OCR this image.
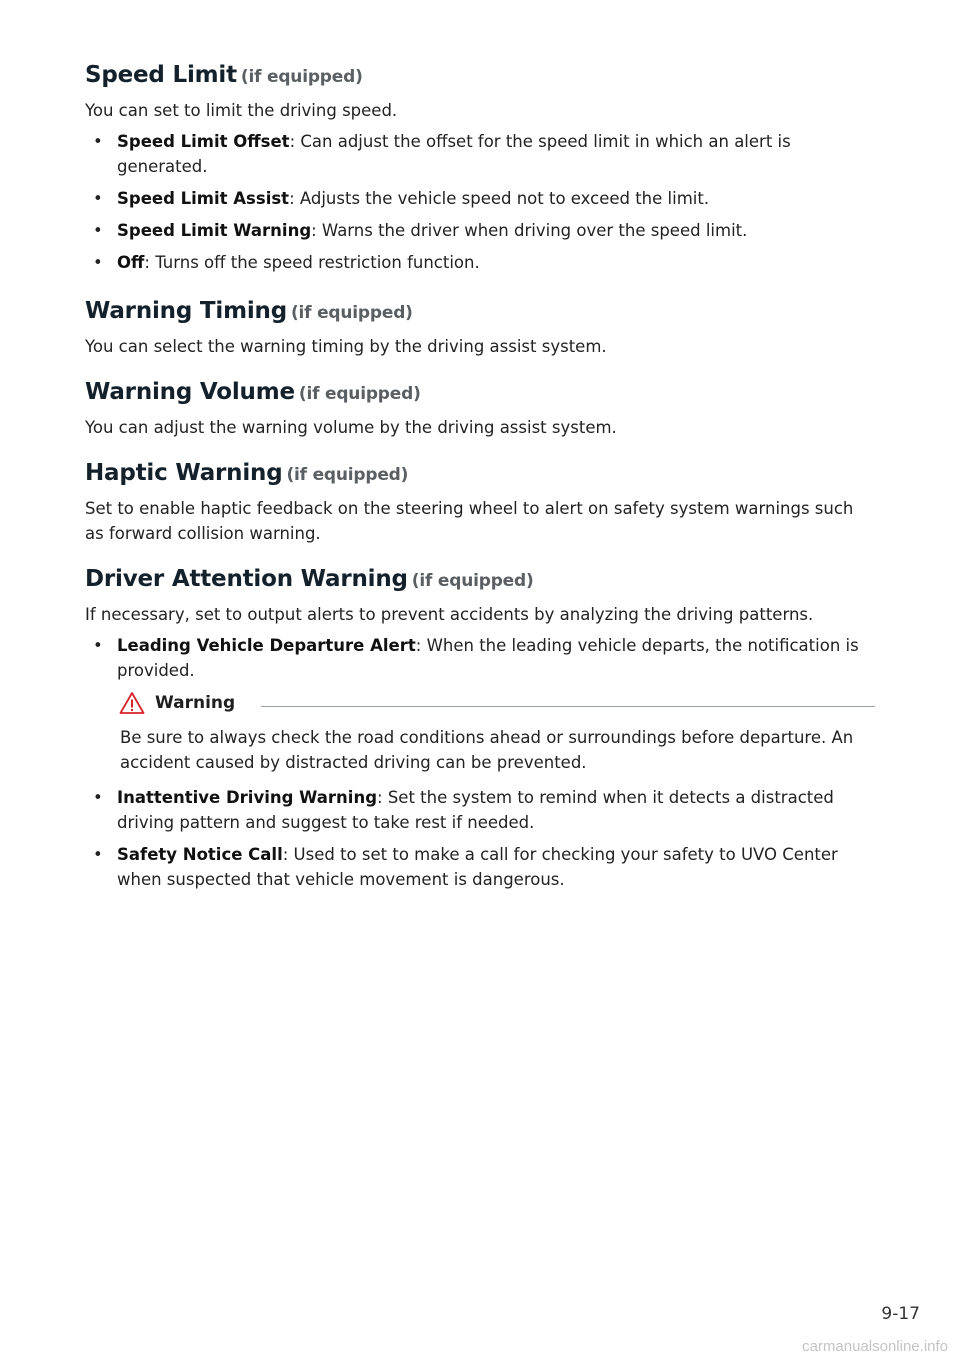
Speed Limit (if equipped)

You can set to limit the driving speed.

• Speed Limit Offset: Can adjust the offset for the speed limit in which an alert is generated.
• Speed Limit Assist: Adjusts the vehicle speed not to exceed the limit.
• Speed Limit Warning: Warns the driver when driving over the speed limit.
• Off: Turns off the speed restriction function.
Warning Timing (if equipped)

You can select the warning timing by the driving assist system.

Warning Volume (if equipped)

You can adjust the warning volume by the driving assist system.

Haptic Warning (if equipped)

Set to enable haptic feedback on the steering wheel to alert on safety system warnings such as forward collision warning.

Driver Attention Warning (if equipped)

If necessary, set to output alerts to prevent accidents by analyzing the driving patterns.

• Leading Vehicle Departure Alert: When the leading vehicle departs, the notification is provided.
Warning

Be sure to always check the road conditions ahead or surroundings before departure. An accident caused by distracted driving can be prevented.

• Inattentive Driving Warning: Set the system to remind when it detects a distracted driving pattern and suggest to take rest if needed.
• Safety Notice Call: Used to set to make a call for checking your safety to UVO Center when suspected that vehicle movement is dangerous.
9-17
carmanualsonline.info
